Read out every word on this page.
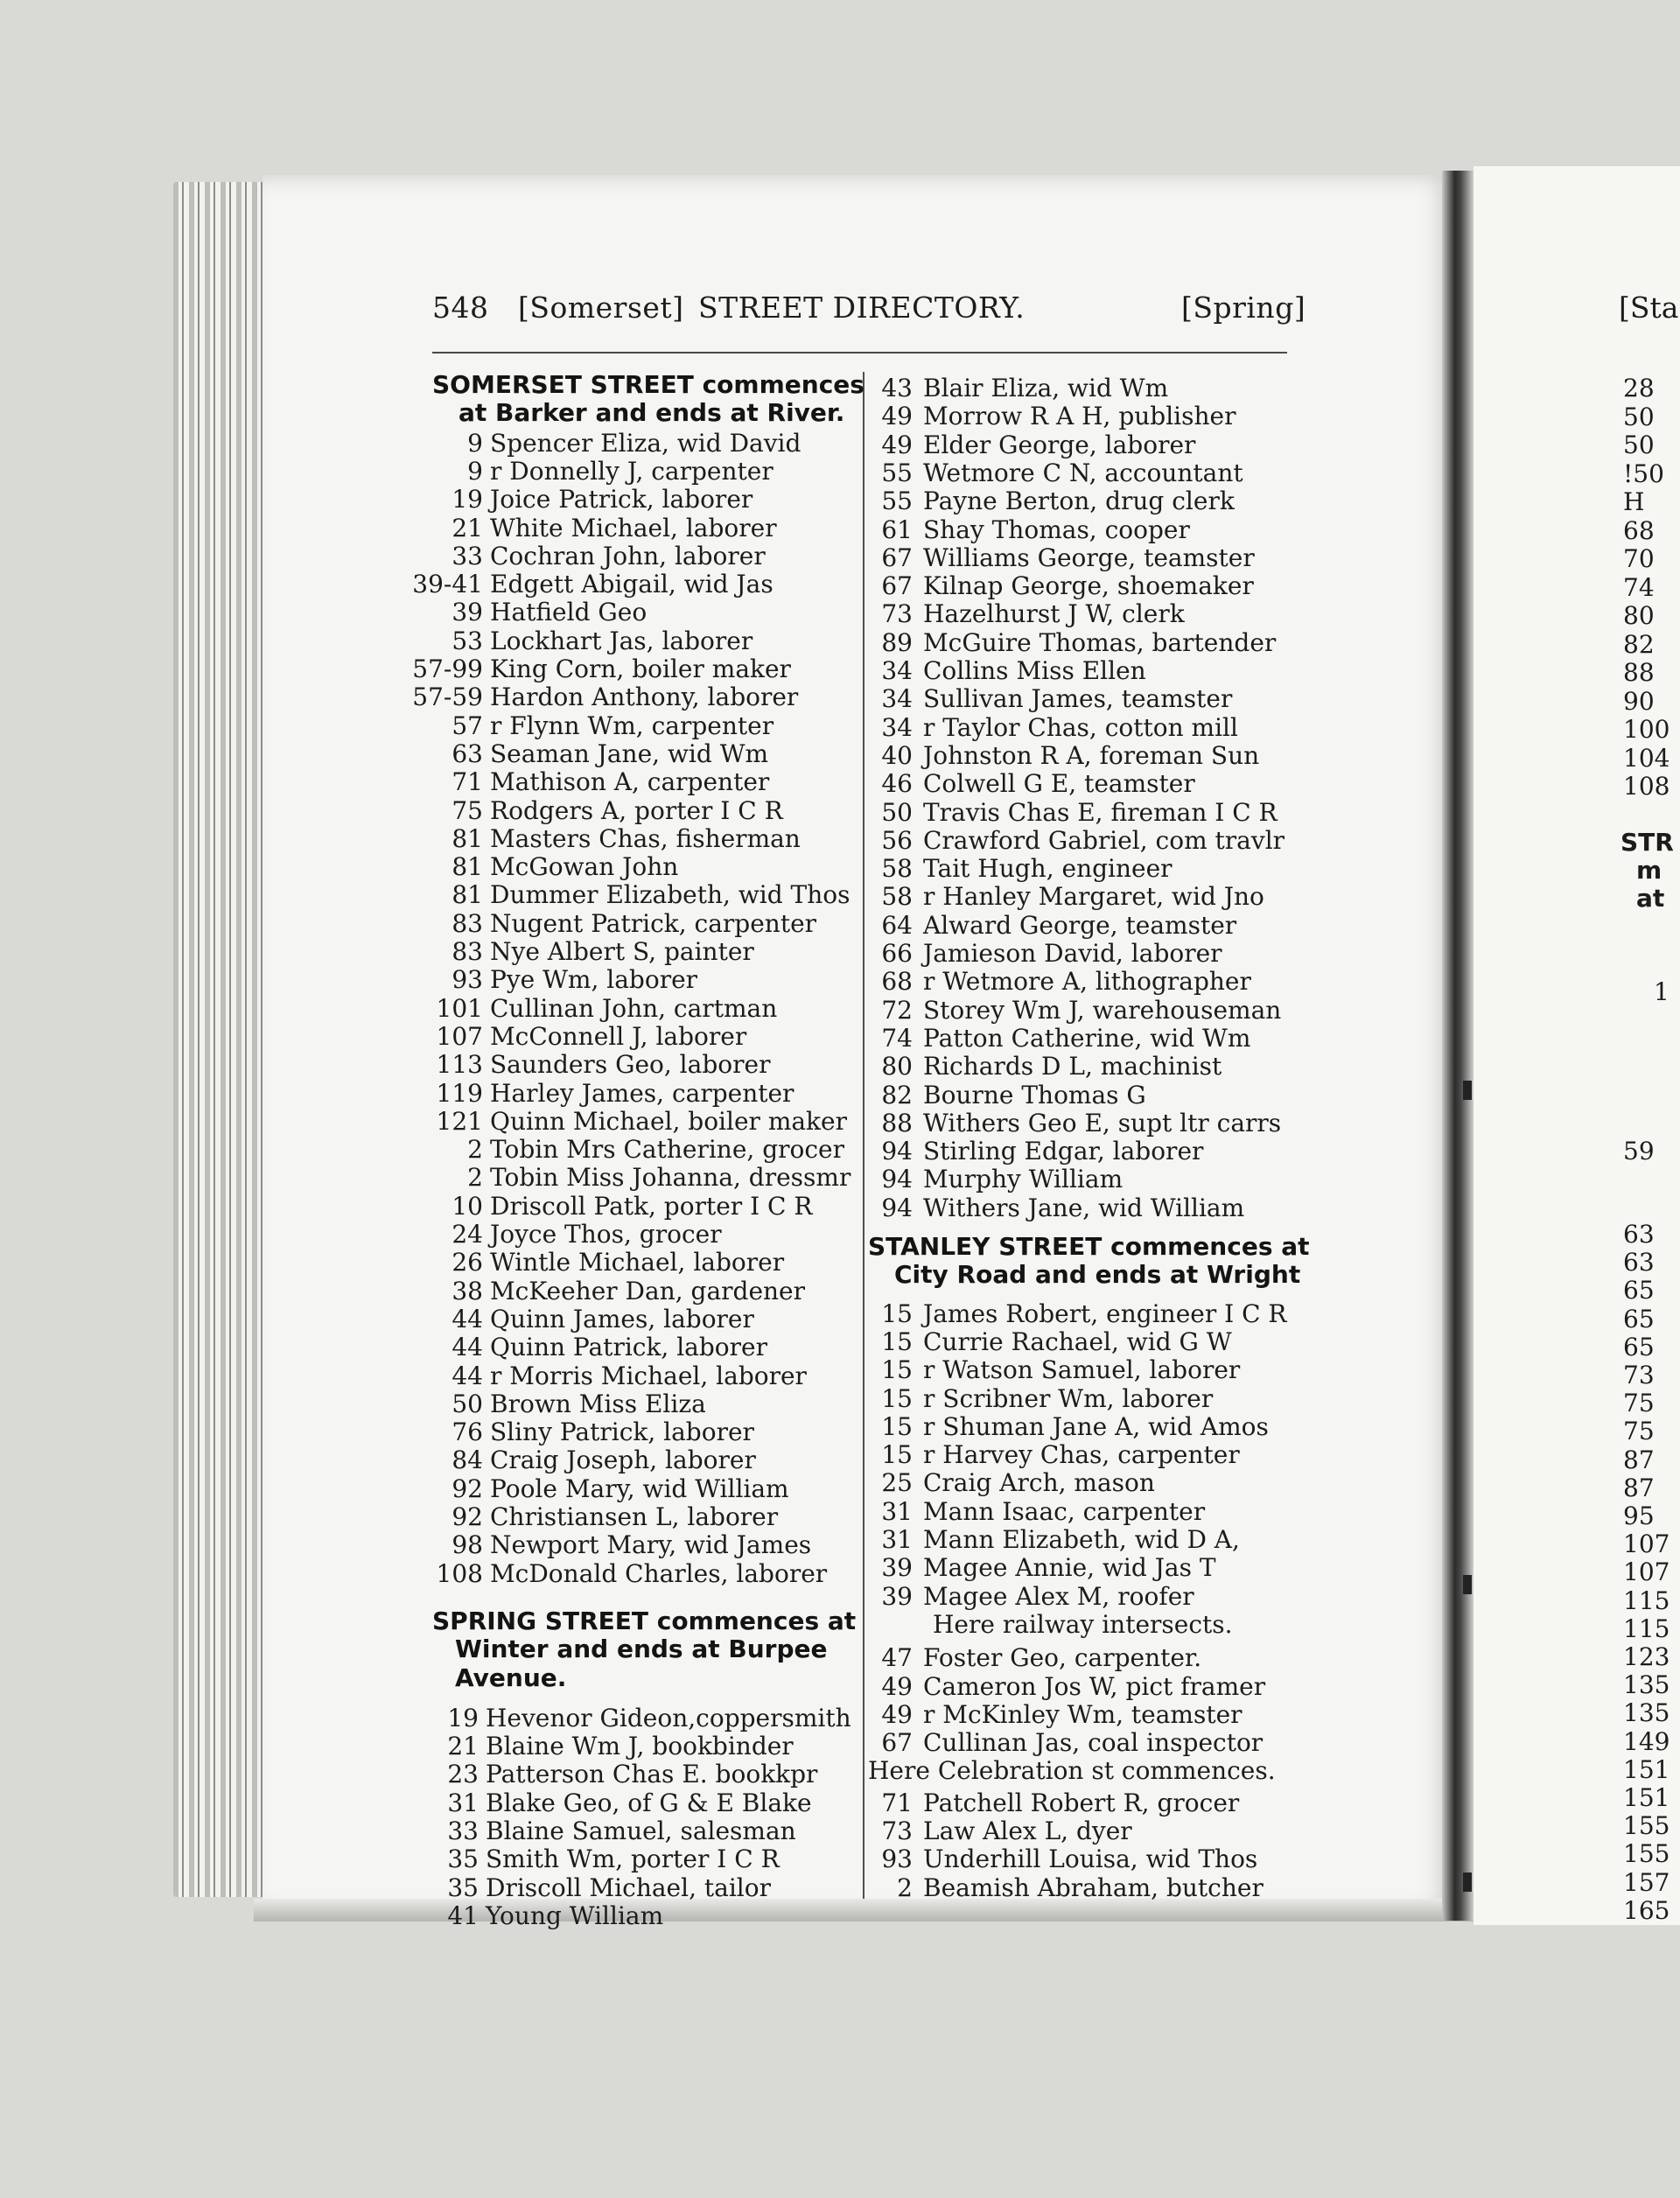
548 [Somerset] STREET DIRECTORY.	[Spring]	[Sta
SOMERSET STREET commences
at Barker and ends at River.
9 Spencer Eliza, wid David
9 r Donnelly J, carpenter
19 Joice Patrick, laborer
21 White Michael, laborer
33 Cochran John, laborer
39-41 Edgett Abigail, wid Jas
39 Hatfield Geo
53 Lockhart Jas, laborer
57-99 King Corn, boiler maker
57-59 Hardon Anthony, laborer
57 r Flynn Wm, carpenter
63 Seaman Jane, wid Wm
71 Mathison A, carpenter
75 Rodgers A, porter I C R
81 Masters Chas, fisherman
81 McGowan John
81 Dummer Elizabeth, wid Thos
83 Nugent Patrick, carpenter
83 Nye Albert S, painter
93 Pye Wm, laborer
101 Cullinan John, cartman
107 McConnell J, laborer
113 Saunders Geo, laborer
119 Harley James, carpenter
121 Quinn Michael, boiler maker
2 Tobin Mrs Catherine, grocer
2 Tobin Miss Johanna, dressmr
10 Driscoll Patk, porter I C R
24 Joyce Thos, grocer
26 Wintle Michael, laborer
38 McKeeher Dan, gardener
44 Quinn James, laborer
44 Quinn Patrick, laborer
44 r Morris Michael, laborer
50 Brown Miss Eliza
76 Sliny Patrick, laborer
84 Craig Joseph, laborer
92 Poole Mary, wid William
92 Christiansen L, laborer
98 Newport Mary, wid James
108 McDonald Charles, laborer
SPRING STREET commences at
Winter and ends at Burpee
Avenue.
19 Hevenor Gideon,coppersmith
21 Blaine Wm J, bookbinder
23 Patterson Chas E. bookkpr
31 Blake Geo, of G & E Blake
33 Blaine Samuel, salesman
35 Smith Wm, porter I C R
35 Driscoll Michael, tailor
41 Young William
43 Blair Eliza, wid Wm
49 Morrow R A H, publisher
49 Elder George, laborer
55 Wetmore C N, accountant
55 Payne Berton, drug clerk
61 Shay Thomas, cooper
67 Williams George, teamster
67 Kilnap George, shoemaker
73 Hazelhurst J W, clerk
89 McGuire Thomas, bartender
34 Collins Miss Ellen
34 Sullivan James, teamster
34 r Taylor Chas, cotton mill
40 Johnston R A, foreman Sun
46 Colwell G E, teamster
50 Travis Chas E, fireman I C R
56 Crawford Gabriel, com travlr
58 Tait Hugh, engineer
58 r Hanley Margaret, wid Jno
64 Alward George, teamster
66 Jamieson David, laborer
68 r Wetmore A, lithographer
72 Storey Wm J, warehouseman
74 Patton Catherine, wid Wm
80 Richards D L, machinist
82 Bourne Thomas G
88 Withers Geo E, supt ltr carrs
94 Stirling Edgar, laborer
94 Murphy William
94 Withers Jane, wid William
STANLEY STREET commences at
City Road and ends at Wright
15 James Robert, engineer I C R
15 Currie Rachael, wid G W
15 r Watson Samuel, laborer
15 r Scribner Wm, laborer
15 r Shuman Jane A, wid Amos
15 r Harvey Chas, carpenter
25 Craig Arch, mason
31 Mann Isaac, carpenter
31 Mann Elizabeth, wid D A,
39 Magee Annie, wid Jas T
39 Magee Alex M, roofer
Here railway intersects.
47 Foster Geo, carpenter.
49 Cameron Jos W, pict framer
49 r McKinley Wm, teamster
67 Cullinan Jas, coal inspector
Here Celebration st commences.
71 Patchell Robert R, grocer
73 Law Alex L, dyer
93 Underhill Louisa, wid Thos
2 Beamish Abraham, butcher
28
50
50
!50
H
68
70
74
80
82
88
90
100
104
108
STR
m
at
1
59
63
63
65
65
65
73
75
75
87
87
95
107
107
115
115
123
135
135
149
151
151
155
155
157
165
